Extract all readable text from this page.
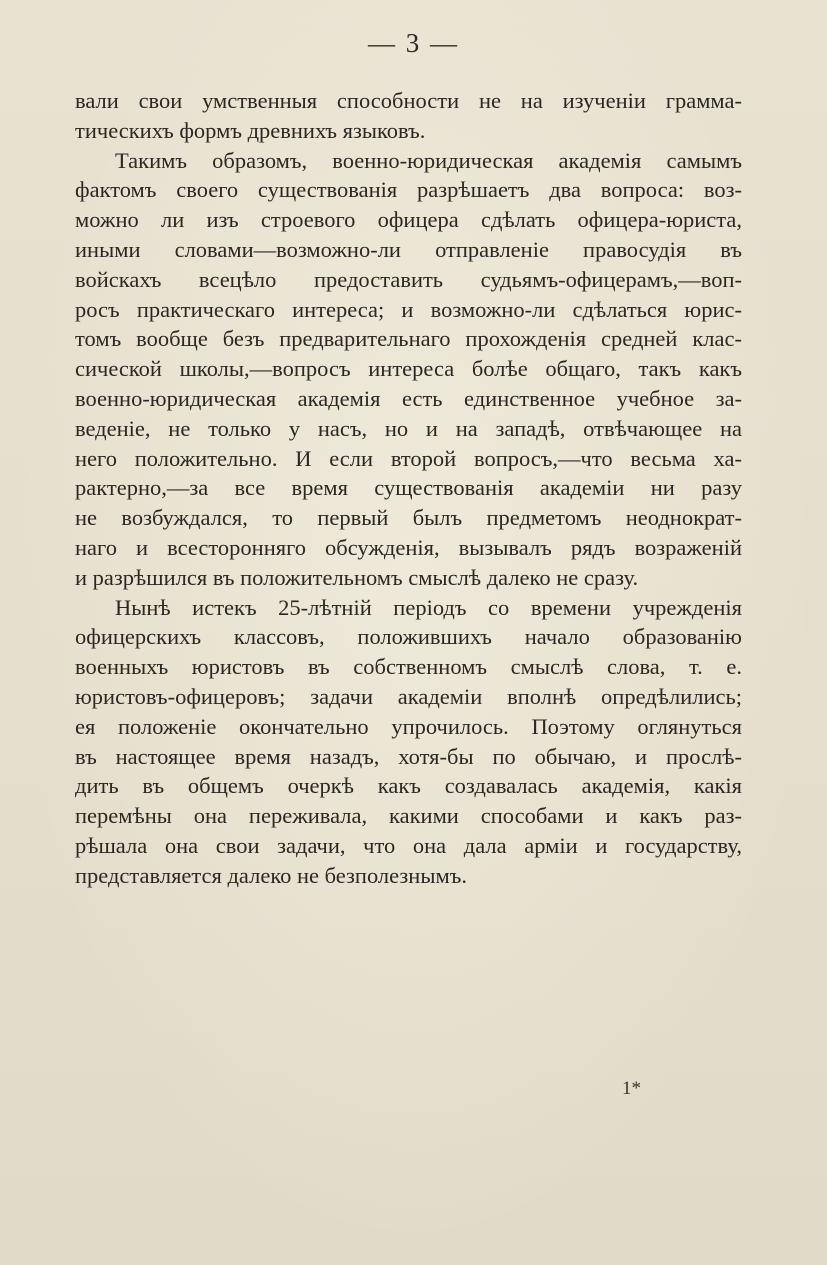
— 3 —
вали свои умственныя способности не на изученіи грамма-
тическихъ формъ древнихъ языковъ.
Такимъ образомъ, военно-юридическая академія самымъ
фактомъ своего существованія разрѣшаетъ два вопроса: воз-
можно ли изъ строевого офицера сдѣлать офицера-юриста,
иными словами—возможно-ли отправленіе правосудія въ
войскахъ всецѣло предоставить судьямъ-офицерамъ,—воп-
росъ практическаго интереса; и возможно-ли сдѣлаться юрис-
томъ вообще безъ предварительнаго прохожденія средней клас-
сической школы,—вопросъ интереса болѣе общаго, такъ какъ
военно-юридическая академія есть единственное учебное за-
веденіе, не только у насъ, но и на западѣ, отвѣчающее на
него положительно. И если второй вопросъ,—что весьма ха-
рактерно,—за все время существованія академіи ни разу
не возбуждался, то первый былъ предметомъ неоднократ-
наго и всесторонняго обсужденія, вызывалъ рядъ возраженій
и разрѣшился въ положительномъ смыслѣ далеко не сразу.
Нынѣ истекъ 25-лѣтній періодъ со времени учрежденія
офицерскихъ классовъ, положившихъ начало образованію
военныхъ юристовъ въ собственномъ смыслѣ слова, т. е.
юристовъ-офицеровъ; задачи академіи вполнѣ опредѣлились;
ея положеніе окончательно упрочилось. Поэтому оглянуться
въ настоящее время назадъ, хотя-бы по обычаю, и прослѣ-
дить въ общемъ очеркѣ какъ создавалась академія, какія
перемѣны она переживала, какими способами и какъ раз-
рѣшала она свои задачи, что она дала арміи и государству,
представляется далеко не безполезнымъ.
1*
